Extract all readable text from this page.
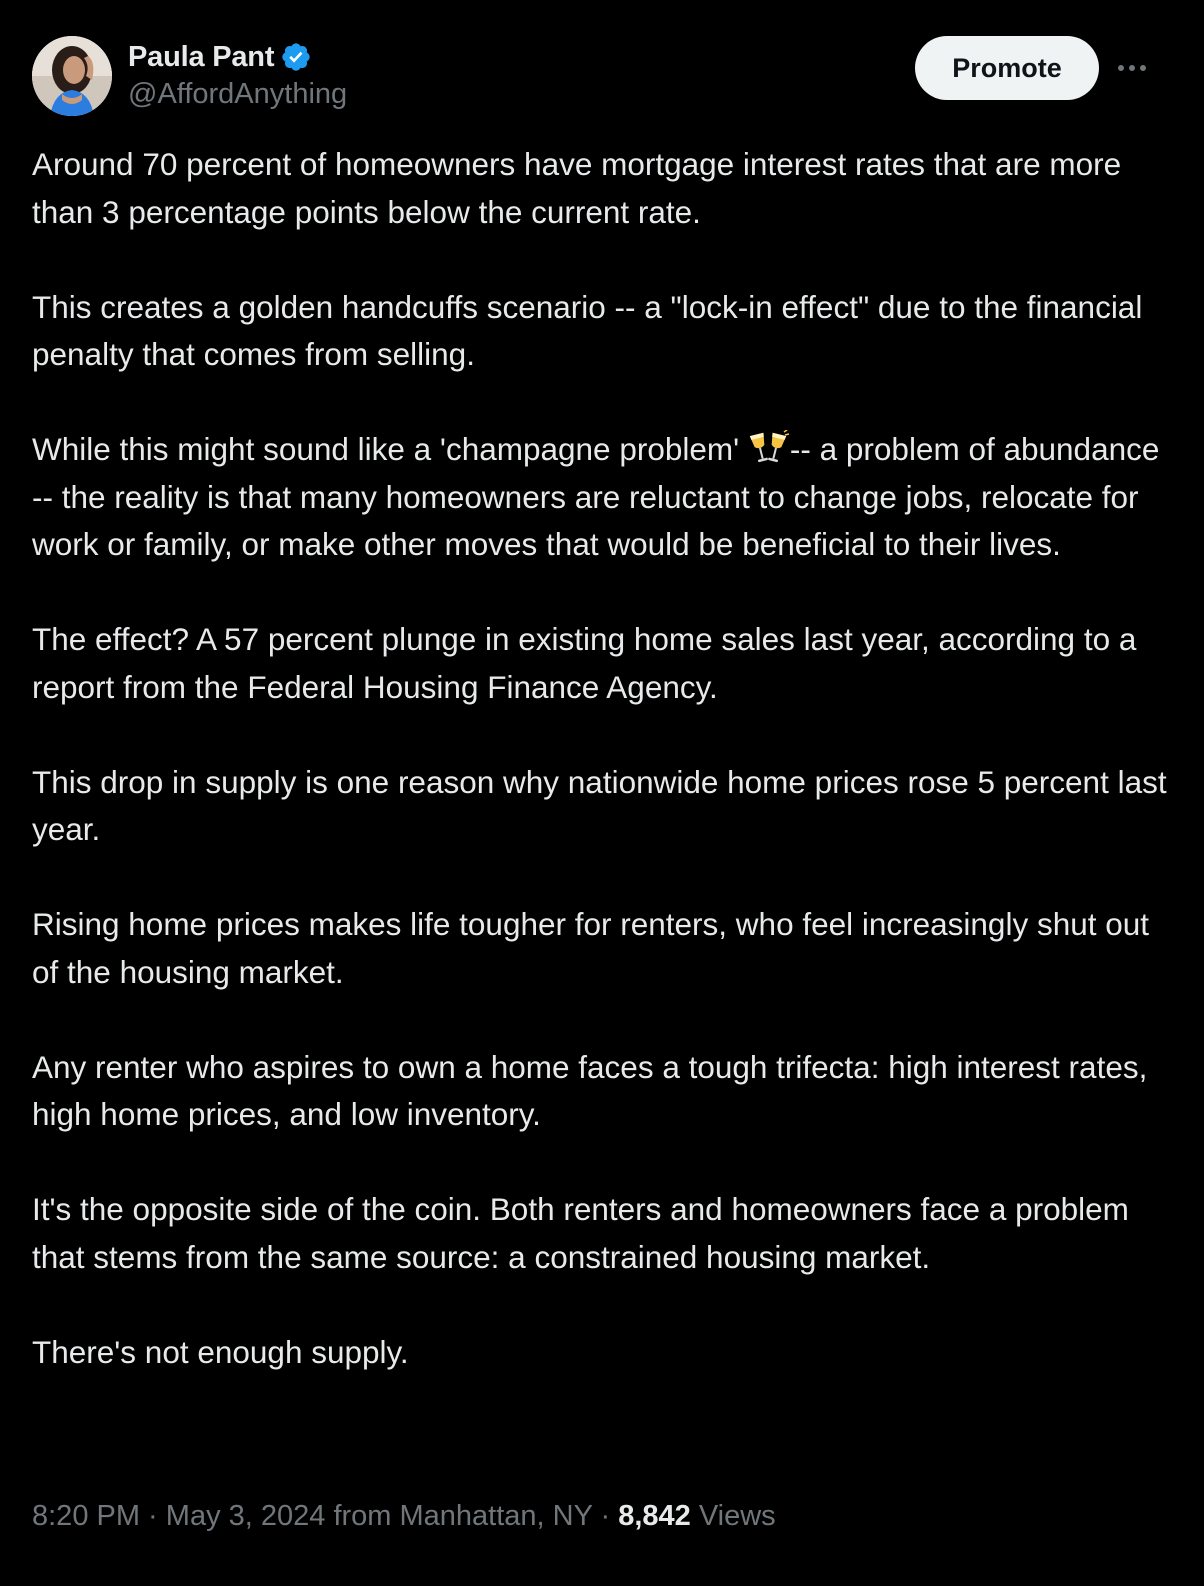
Paula Pant
@AffordAnything
Promote

Around 70 percent of homeowners have mortgage interest rates that are more than 3 percentage points below the current rate.

This creates a golden handcuffs scenario -- a "lock-in effect" due to the financial penalty that comes from selling.

While this might sound like a 'champagne problem' -- a problem of abundance -- the reality is that many homeowners are reluctant to change jobs, relocate for work or family, or make other moves that would be beneficial to their lives.

The effect? A 57 percent plunge in existing home sales last year, according to a report from the Federal Housing Finance Agency.

This drop in supply is one reason why nationwide home prices rose 5 percent last year.

Rising home prices makes life tougher for renters, who feel increasingly shut out of the housing market.

Any renter who aspires to own a home faces a tough trifecta: high interest rates, high home prices, and low inventory.

It's the opposite side of the coin. Both renters and homeowners face a problem that stems from the same source: a constrained housing market.

There's not enough supply.

8:20 PM · May 3, 2024 from Manhattan, NY · 8,842 Views
